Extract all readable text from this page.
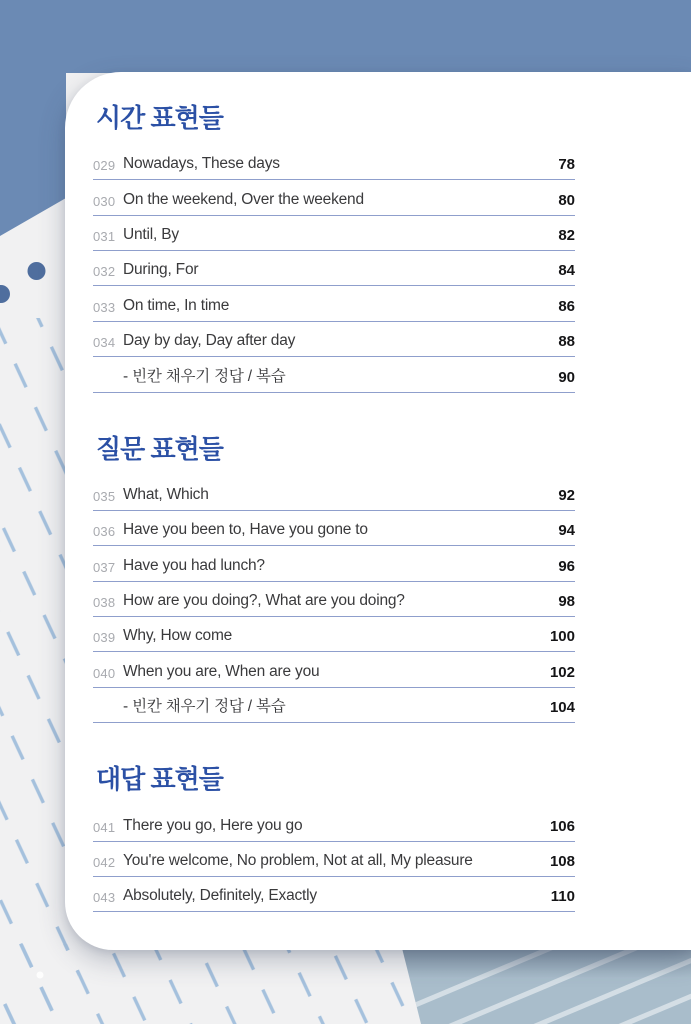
시간 표현들
029 Nowadays, These days	78
030 On the weekend, Over the weekend	80
031 Until, By	82
032 During, For	84
033 On time, In time	86
034 Day by day, Day after day	88
- 빈칸 채우기 정답 / 복습	90
질문 표현들
035 What, Which	92
036 Have you been to, Have you gone to	94
037 Have you had lunch?	96
038 How are you doing?, What are you doing?	98
039 Why, How come	100
040 When you are, When are you	102
- 빈칸 채우기 정답 / 복습	104
대답 표현들
041 There you go, Here you go	106
042 You're welcome, No problem, Not at all, My pleasure	108
043 Absolutely, Definitely, Exactly	110
